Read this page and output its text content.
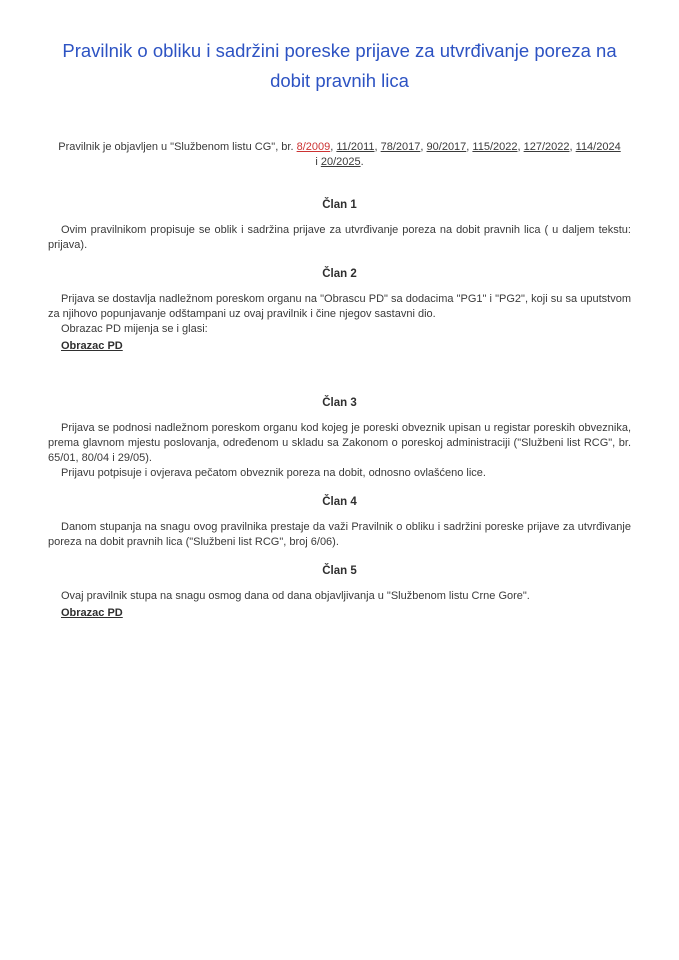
Pravilnik o obliku i sadržini poreske prijave za utvrđivanje poreza na dobit pravnih lica

Pravilnik je objavljen u "Službenom listu CG", br. 8/2009, 11/2011, 78/2017, 90/2017, 115/2022, 127/2022, 114/2024 i 20/2025.

Član 1

Ovim pravilnikom propisuje se oblik i sadržina prijave za utvrđivanje poreza na dobit pravnih lica ( u daljem tekstu: prijava).

Član 2

Prijava se dostavlja nadležnom poreskom organu na "Obrascu PD" sa dodacima "PG1" i "PG2", koji su sa uputstvom za njihovo popunjavanje odštampani uz ovaj pravilnik i čine njegov sastavni dio.

Obrazac PD mijenja se i glasi:

Obrazac PD

Član 3

Prijava se podnosi nadležnom poreskom organu kod kojeg je poreski obveznik upisan u registar poreskih obveznika, prema glavnom mjestu poslovanja, određenom u skladu sa Zakonom o poreskoj administraciji ("Službeni list RCG", br. 65/01, 80/04 i 29/05).

Prijavu potpisuje i ovjerava pečatom obveznik poreza na dobit, odnosno ovlašćeno lice.

Član 4

Danom stupanja na snagu ovog pravilnika prestaje da važi Pravilnik o obliku i sadržini poreske prijave za utvrđivanje poreza na dobit pravnih lica ("Službeni list RCG", broj 6/06).

Član 5

Ovaj pravilnik stupa na snagu osmog dana od dana objavljivanja u "Službenom listu Crne Gore".

Obrazac PD
